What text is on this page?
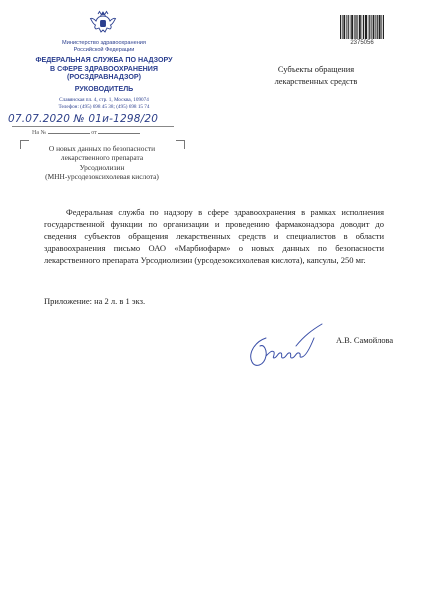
Министерство здравоохранения
Российской Федерации
ФЕДЕРАЛЬНАЯ СЛУЖБА ПО НАДЗОРУ
В СФЕРЕ ЗДРАВООХРАНЕНИЯ
(РОСЗДРАВНАДЗОР)
РУКОВОДИТЕЛЬ
Славянская пл. 4, стр. 1, Москва, 109074
Телефон: (495) 698 45 38; (495) 698 15 74
07.07.2020 № 01и-1298/20
На №	от
О новых данных по безопасности
лекарственного препарата
Урсодиолизин
(МНН-урсодезоксихолевая кислота)
2375056
Субъекты обращения
лекарственных средств
Федеральная служба по надзору в сфере здравоохранения в рамках исполнения государственной функции по организации и проведению фармаконадзора доводит до сведения субъектов обращения лекарственных средств и специалистов в области здравоохранения письмо ОАО «Марбиофарм» о новых данных по безопасности лекарственного препарата Урсодиолизин (урсодезоксихолевая кислота), капсулы, 250 мг.
Приложение: на 2 л. в 1 экз.
А.В. Самойлова
